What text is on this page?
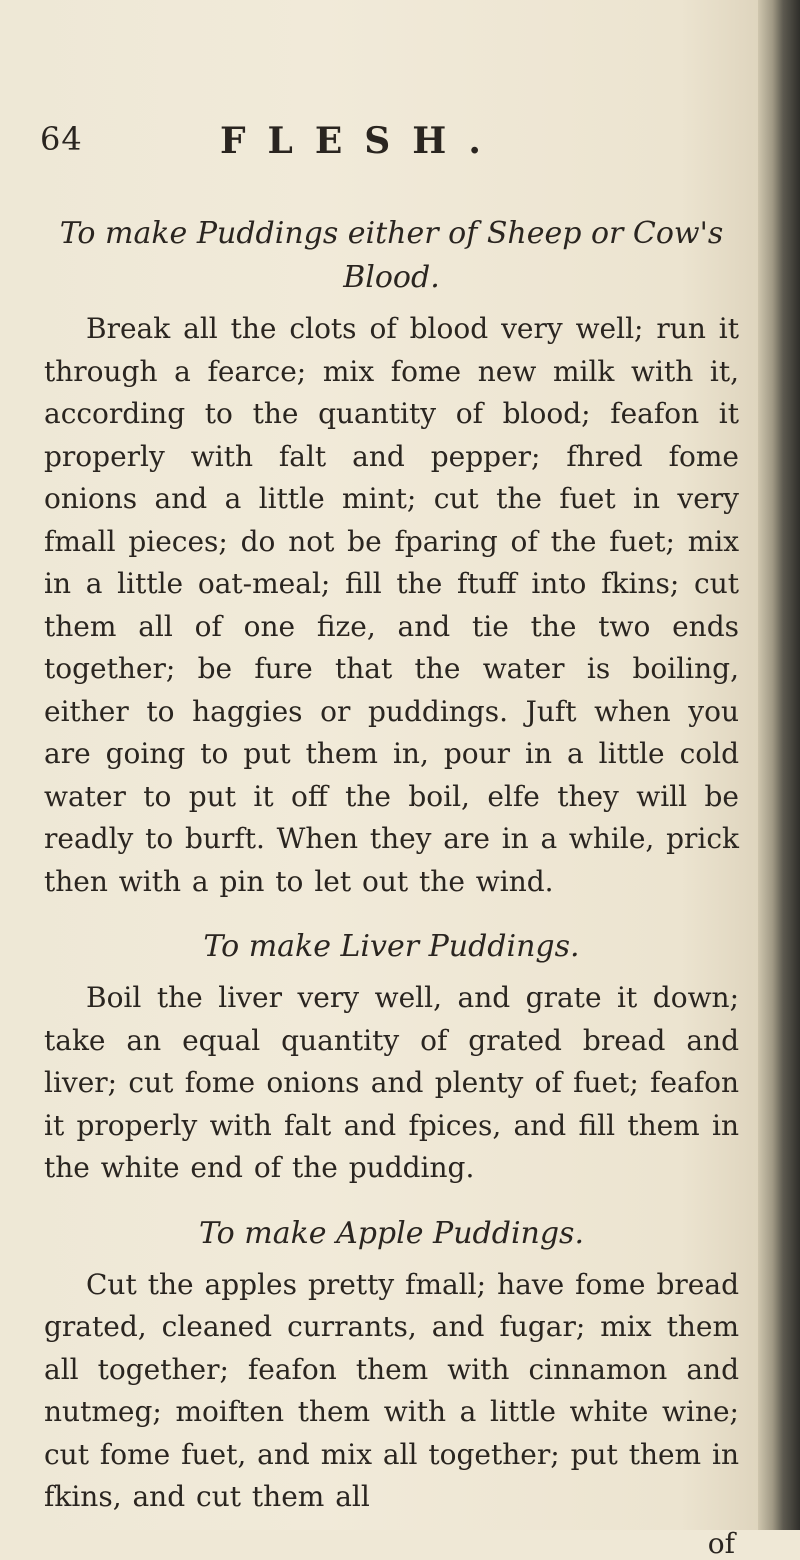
64	FLESH.

To make Puddings either of Sheep or Cow's Blood.

Break all the clots of blood very well; run it through a fearce; mix fome new milk with it, according to the quantity of blood; feafon it properly with falt and pepper; fhred fome onions and a little mint; cut the fuet in very fmall pieces; do not be fparing of the fuet; mix in a little oat-meal; fill the ftuff into fkins; cut them all of one fize, and tie the two ends together; be fure that the water is boiling, either to haggies or puddings. Juft when you are going to put them in, pour in a little cold water to put it off the boil, elfe they will be readly to burft. When they are in a while, prick then with a pin to let out the wind.

To make Liver Puddings.

Boil the liver very well, and grate it down; take an equal quantity of grated bread and liver; cut fome onions and plenty of fuet; feafon it properly with falt and fpices, and fill them in the white end of the pudding.

To make Apple Puddings.

Cut the apples pretty fmall; have fome bread grated, cleaned currants, and fugar; mix them all together; feafon them with cinnamon and nutmeg; moiften them with a little white wine; cut fome fuet, and mix all together; put them in fkins, and cut them all

of
